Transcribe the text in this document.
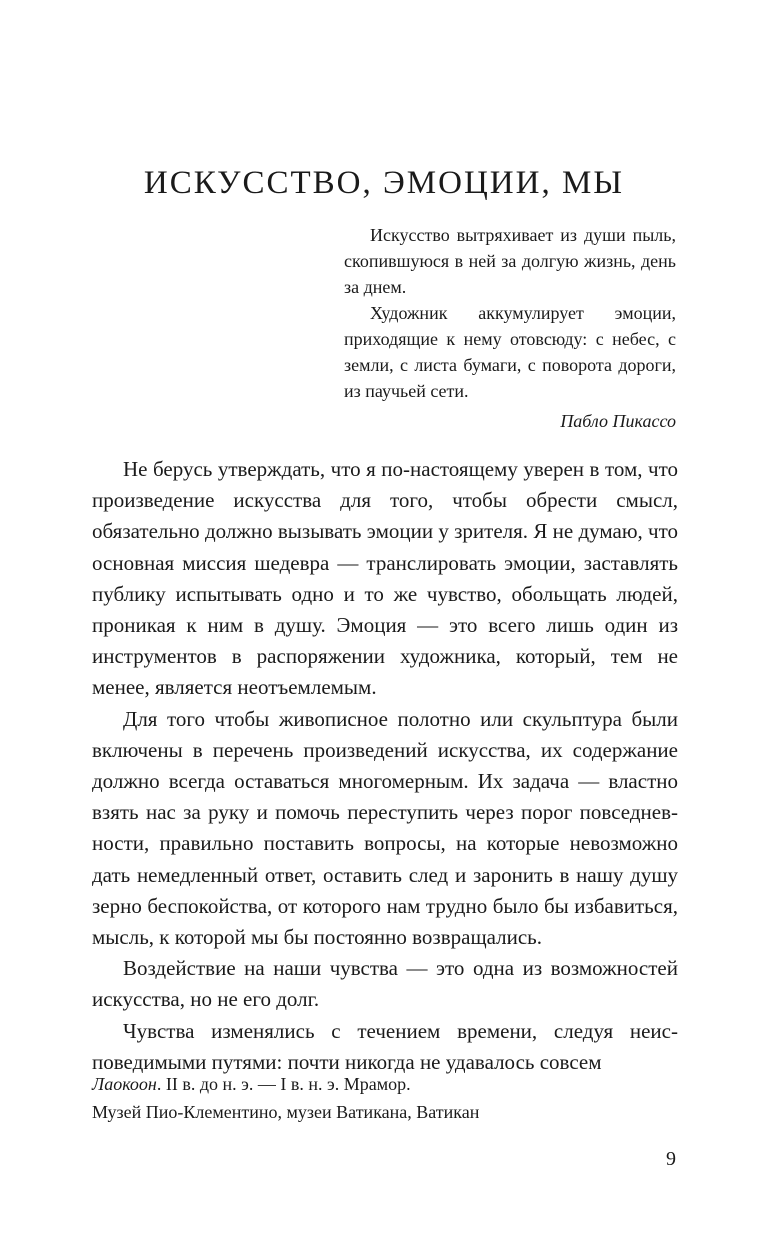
ИСКУССТВО, ЭМОЦИИ, МЫ

Искусство вытряхивает из души пыль, скопившуюся в ней за долгую жизнь, день за днем.

Художник аккумулирует эмоции, приходящие к нему отовсюду: с небес, с земли, с листа бумаги, с поворота дороги, из паучьей сети.

Пабло Пикассо

Не берусь утверждать, что я по-настоящему уверен в том, что произведение искусства для того, чтобы обрести смысл, обязательно должно вызывать эмоции у зрителя. Я не думаю, что основная миссия шедевра — транслировать эмоции, заставлять публику испытывать одно и то же чувство, обольщать людей, проникая к ним в душу. Эмоция — это всего лишь один из инструментов в распоряжении художника, который, тем не менее, является неотъемлемым.

Для того чтобы живописное полотно или скульптура были включены в перечень произведений искусства, их содержание должно всегда оставаться многомерным. Их задача — властно взять нас за руку и помочь переступить через порог повседневности, правильно поставить вопросы, на которые невозможно дать немедленный ответ, оставить след и заронить в нашу душу зерно беспокойства, от которого нам трудно было бы избавиться, мысль, к которой мы бы постоянно возвращались.

Воздействие на наши чувства — это одна из возможностей искусства, но не его долг.

Чувства изменялись с течением времени, следуя неисповедимыми путями: почти никогда не удавалось совсем

Лаокоон. II в. до н. э. — I в. н. э. Мрамор.
Музей Пио-Клементино, музеи Ватикана, Ватикан
9
